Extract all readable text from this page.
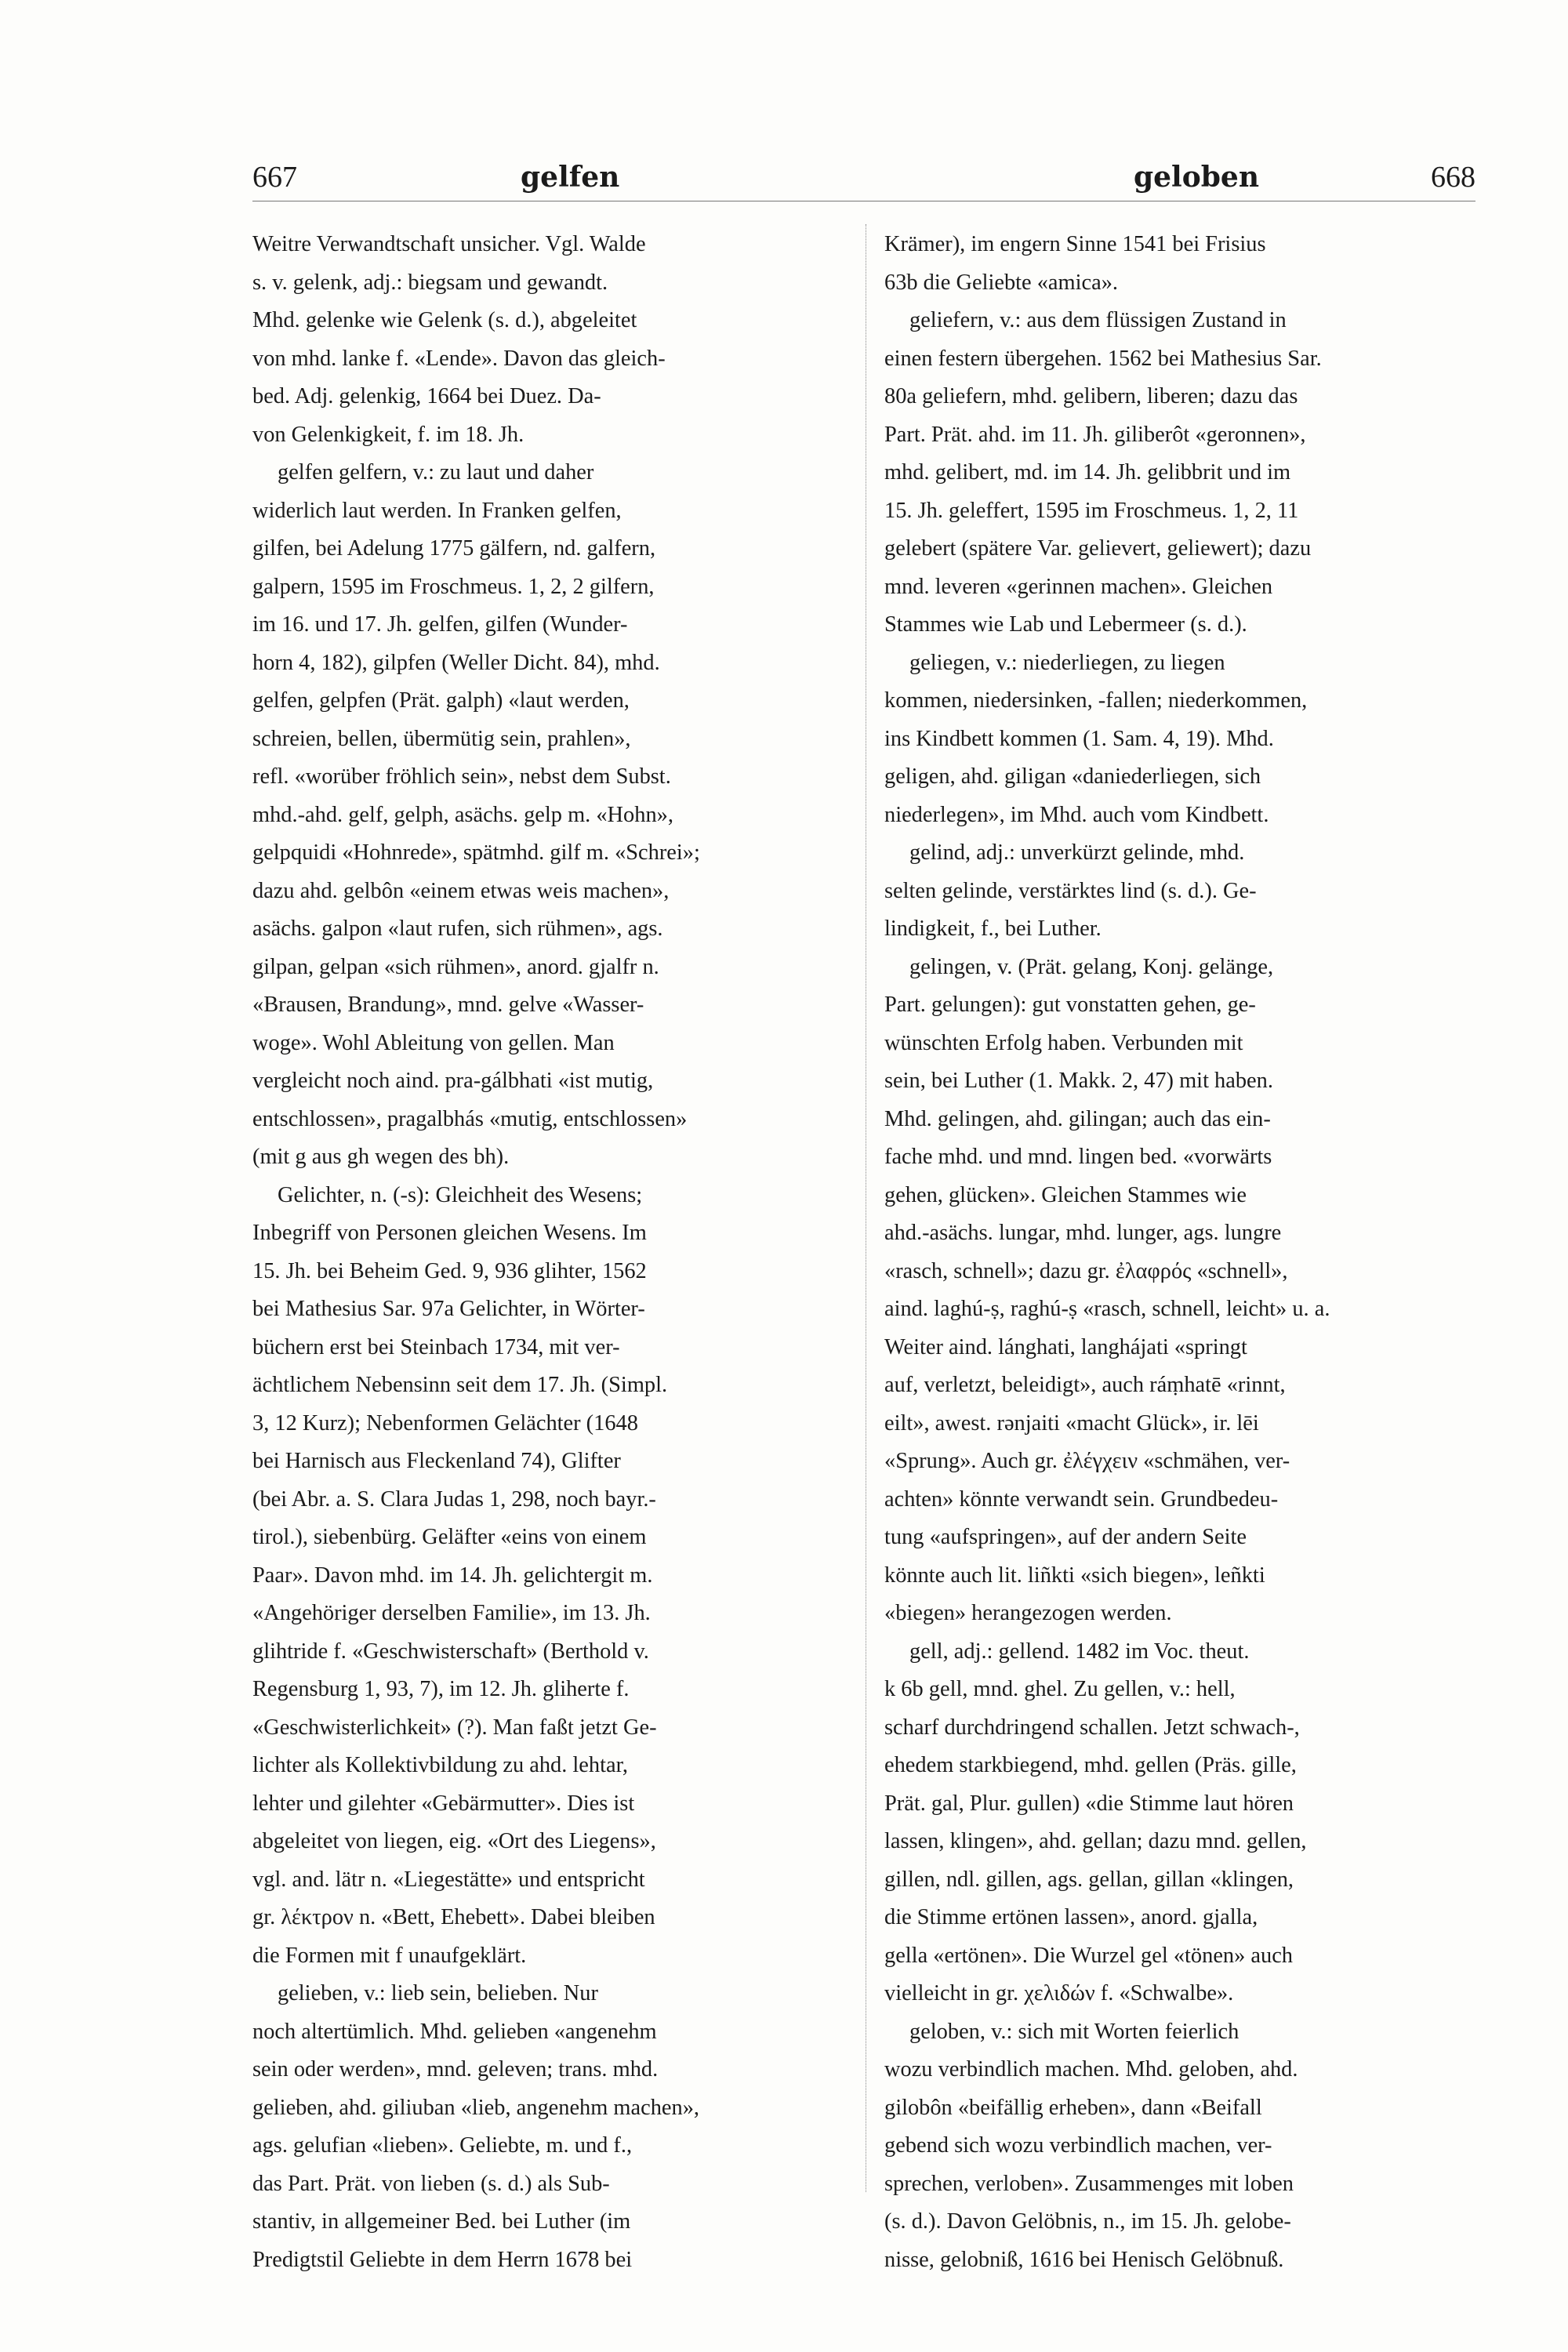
667	gelfen	geloben	668
Weitre Verwandtschaft unsicher. Vgl. Walde
s. v. gelenk, adj.: biegsam und gewandt.
Mhd. gelenke wie Gelenk (s. d.), abgeleitet
von mhd. lanke f. «Lende». Davon das gleich-
bed. Adj. gelenkig, 1664 bei Duez. Da-
von Gelenkigkeit, f. im 18. Jh.
gelfen gelfern, v.: zu laut und daher
widerlich laut werden. In Franken gelfen,
gilfen, bei Adelung 1775 gälfern, nd. galfern,
galpern, 1595 im Froschmeus. 1, 2, 2 gilfern,
im 16. und 17. Jh. gelfen, gilfen (Wunder-
horn 4, 182), gilpfen (Weller Dicht. 84), mhd.
gelfen, gelpfen (Prät. galph) «laut werden,
schreien, bellen, übermütig sein, prahlen»,
refl. «worüber fröhlich sein», nebst dem Subst.
mhd.-ahd. gelf, gelph, asächs. gelp m. «Hohn»,
gelpquidi «Hohnrede», spätmhd. gilf m. «Schrei»;
dazu ahd. gelbôn «einem etwas weis machen»,
asächs. galpon «laut rufen, sich rühmen», ags.
gilpan, gelpan «sich rühmen», anord. gjalfr n.
«Brausen, Brandung», mnd. gelve «Wasser-
woge». Wohl Ableitung von gellen. Man
vergleicht noch aind. pra-gálbhati «ist mutig,
entschlossen», pragalbhás «mutig, entschlossen»
(mit g aus gh wegen des bh).
Gelichter, n. (-s): Gleichheit des Wesens;
Inbegriff von Personen gleichen Wesens. Im
15. Jh. bei Beheim Ged. 9, 936 glihter, 1562
bei Mathesius Sar. 97a Gelichter, in Wörter-
büchern erst bei Steinbach 1734, mit ver-
ächtlichem Nebensinn seit dem 17. Jh. (Simpl.
3, 12 Kurz); Nebenformen Gelächter (1648
bei Harnisch aus Fleckenland 74), Glifter
(bei Abr. a. S. Clara Judas 1, 298, noch bayr.-
tirol.), siebenbürg. Geläfter «eins von einem
Paar». Davon mhd. im 14. Jh. gelichtergit m.
«Angehöriger derselben Familie», im 13. Jh.
glihtride f. «Geschwisterschaft» (Berthold v.
Regensburg 1, 93, 7), im 12. Jh. gliherte f.
«Geschwisterlichkeit» (?). Man faßt jetzt Ge-
lichter als Kollektivbildung zu ahd. lehtar,
lehter und gilehter «Gebärmutter». Dies ist
abgeleitet von liegen, eig. «Ort des Liegens»,
vgl. and. lätr n. «Liegestätte» und entspricht
gr. λέκτρον n. «Bett, Ehebett». Dabei bleiben
die Formen mit f unaufgeklärt.
gelieben, v.: lieb sein, belieben. Nur
noch altertümlich. Mhd. gelieben «angenehm
sein oder werden», mnd. geleven; trans. mhd.
gelieben, ahd. giliuban «lieb, angenehm machen»,
ags. gelufian «lieben». Geliebte, m. und f.,
das Part. Prät. von lieben (s. d.) als Sub-
stantiv, in allgemeiner Bed. bei Luther (im
Predigtstil Geliebte in dem Herrn 1678 bei
Krämer), im engern Sinne 1541 bei Frisius
63b die Geliebte «amica».
geliefern, v.: aus dem flüssigen Zustand in
einen festern übergehen. 1562 bei Mathesius Sar.
80a geliefern, mhd. gelibern, liberen; dazu das
Part. Prät. ahd. im 11. Jh. giliberôt «geronnen»,
mhd. gelibert, md. im 14. Jh. gelibbrit und im
15. Jh. geleffert, 1595 im Froschmeus. 1, 2, 11
gelebert (spätere Var. gelievert, geliewert); dazu
mnd. leveren «gerinnen machen». Gleichen
Stammes wie Lab und Lebermeer (s. d.).
geliegen, v.: niederliegen, zu liegen
kommen, niedersinken, -fallen; niederkommen,
ins Kindbett kommen (1. Sam. 4, 19). Mhd.
geligen, ahd. giligan «daniederliegen, sich
niederlegen», im Mhd. auch vom Kindbett.
gelind, adj.: unverkürzt gelinde, mhd.
selten gelinde, verstärktes lind (s. d.). Ge-
lindigkeit, f., bei Luther.
gelingen, v. (Prät. gelang, Konj. gelänge,
Part. gelungen): gut vonstatten gehen, ge-
wünschten Erfolg haben. Verbunden mit
sein, bei Luther (1. Makk. 2, 47) mit haben.
Mhd. gelingen, ahd. gilingan; auch das ein-
fache mhd. und mnd. lingen bed. «vorwärts
gehen, glücken». Gleichen Stammes wie
ahd.-asächs. lungar, mhd. lunger, ags. lungre
«rasch, schnell»; dazu gr. ἐλαφρός «schnell»,
aind. laghú-ṣ, raghú-ṣ «rasch, schnell, leicht» u. a.
Weiter aind. lánghati, langhájati «springt
auf, verletzt, beleidigt», auch ráṃhatē «rinnt,
eilt», awest. rənjaiti «macht Glück», ir. lēi
«Sprung». Auch gr. ἐλέγχειν «schmähen, ver-
achten» könnte verwandt sein. Grundbedeu-
tung «aufspringen», auf der andern Seite
könnte auch lit. liñkti «sich biegen», leñkti
«biegen» herangezogen werden.
gell, adj.: gellend. 1482 im Voc. theut.
k 6b gell, mnd. ghel. Zu gellen, v.: hell,
scharf durchdringend schallen. Jetzt schwach-,
ehedem starkbiegend, mhd. gellen (Präs. gille,
Prät. gal, Plur. gullen) «die Stimme laut hören
lassen, klingen», ahd. gellan; dazu mnd. gellen,
gillen, ndl. gillen, ags. gellan, gillan «klingen,
die Stimme ertönen lassen», anord. gjalla,
gella «ertönen». Die Wurzel gel «tönen» auch
vielleicht in gr. χελιδών f. «Schwalbe».
geloben, v.: sich mit Worten feierlich
wozu verbindlich machen. Mhd. geloben, ahd.
gilobôn «beifällig erheben», dann «Beifall
gebend sich wozu verbindlich machen, ver-
sprechen, verloben». Zusammenges mit loben
(s. d.). Davon Gelöbnis, n., im 15. Jh. gelobe-
nisse, gelobniß, 1616 bei Henisch Gelöbnuß.
